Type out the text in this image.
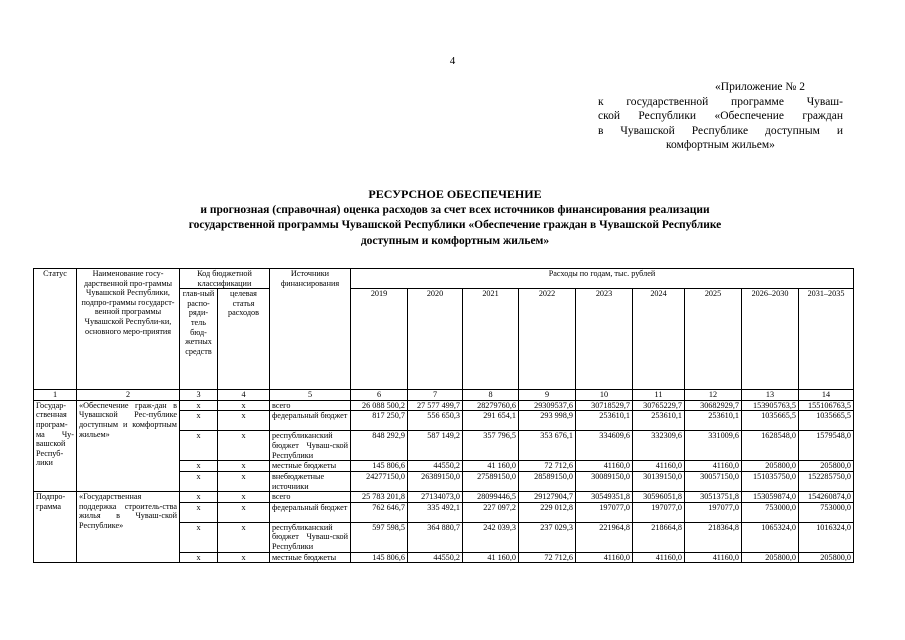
4
«Приложение № 2
к государственной программе Чуваш-
ской Республики «Обеспечение граждан
в Чувашской Республике доступным и
комфортным жильем»
РЕСУРСНОЕ ОБЕСПЕЧЕНИЕ
и прогнозная (справочная) оценка расходов за счет всех источников финансирования реализации
государственной программы Чувашской Республики «Обеспечение граждан в Чувашской Республике
доступным и комфортным жильем»
Статус	Наименование госу-дарственной про-граммы Чувашской Республики, подпро-граммы государст-венной программы Чувашской Республи-ки, основного меро-приятия	Код бюджетной классификации		Источники финансирования	Расходы по годам, тыс. рублей								
		глав-ный распо-ряди-тель бюд-жетных средств	целевая статья расходов		2019	2020	2021	2022	2023	2024	2025	2026–2030	2031–2035
1	2	3	4	5	6	7	8	9	10	11	12	13	14
Государ-ственная програм-ма Чу-вашской Респуб-лики	«Обеспечение граж-дан в Чувашской Рес-публике доступным и комфортным жильем»	x	x	всего	26 088 500,2	27 577 499,7	28279760,6	29309537,6	30718529,7	30765229,7	30682929,7	153905763,5	155106763,5
		x	x	федеральный бюджет	817 250,7	556 650,3	291 654,1	293 998,9	253610,1	253610,1	253610,1	1035665,5	1035665,5
		x	x	республиканский бюджет Чуваш-ской Республики	848 292,9	587 149,2	357 796,5	353 676,1	334609,6	332309,6	331009,6	1628548,0	1579548,0
		x	x	местные бюджеты	145 806,6	44550,2	41 160,0	72 712,6	41160,0	41160,0	41160,0	205800,0	205800,0
		x	x	внебюджетные источники	24277150,0	26389150,0	27589150,0	28589150,0	30089150,0	30139150,0	30057150,0	151035750,0	152285750,0
Подпро-грамма	«Государственная поддержка строитель-ства жилья в Чуваш-ской Республике»	x	x	всего	25 783 201,8	27134073,0	28099446,5	29127904,7	30549351,8	30596051,8	30513751,8	153059874,0	154260874,0
		x	x	федеральный бюджет	762 646,7	335 492,1	227 097,2	229 012,8	197077,0	197077,0	197077,0	753000,0	753000,0
		x	x	республиканский бюджет Чуваш-ской Республики	597 598,5	364 880,7	242 039,3	237 029,3	221964,8	218664,8	218364,8	1065324,0	1016324,0
		x	x	местные бюджеты	145 806,6	44550,2	41 160,0	72 712,6	41160,0	41160,0	41160,0	205800,0	205800,0
